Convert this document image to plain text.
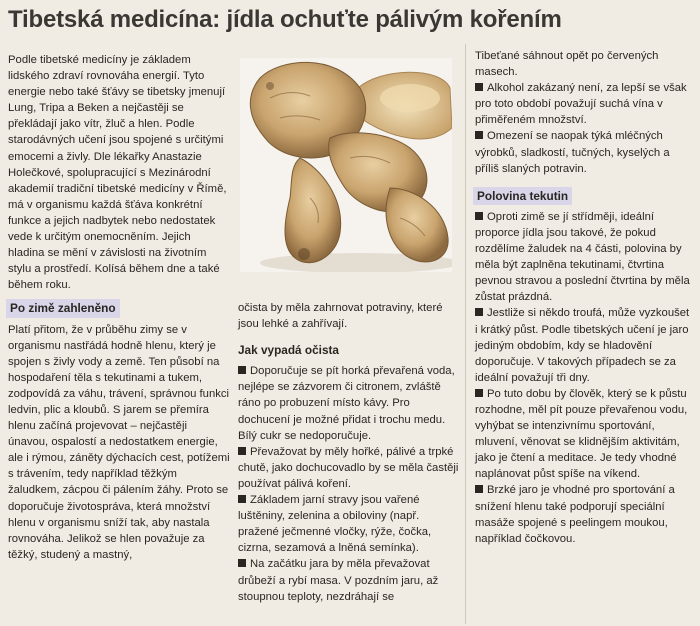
Tibetská medicína: jídla ochuťte pálivým kořením

Podle tibetské medicíny je základem lidského zdraví rovnováha energií. Tyto energie nebo také šťávy se tibetsky jmenují Lung, Tripa a Beken a nejčastěji se překládají jako vítr, žluč a hlen. Podle starodávných učení jsou spojené s určitými emocemi a živly. Dle lékařky Anastazie Holečkové, spolupracující s Mezinárodní akademií tradiční tibetské medicíny v Římě, má v organismu každá šťáva konkrétní funkce a jejich nadbytek nebo nedostatek vede k určitým onemocněním. Jejich hladina se mění v závislosti na životním stylu a prostředí. Kolísá během dne a také během roku.

Po zimě zahleněno

Platí přitom, že v průběhu zimy se v organismu nastřádá hodně hlenu, který je spojen s živly vody a země. Ten působí na hospodaření těla s tekutinami a tukem, zodpovídá za váhu, trávení, správnou funkci ledvin, plic a kloubů. S jarem se přemíra hlenu začíná projevovat – nejčastěji únavou, ospalostí a nedostatkem energie, ale i rýmou, záněty dýchacích cest, potížemi s trávením, tedy například těžkým žaludkem, zácpou či pálením žáhy. Proto se doporučuje životospráva, která množství hlenu v organismu sníží tak, aby nastala rovnováha. Jelikož se hlen považuje za těžký, studený a mastný,

očista by měla zahrnovat potraviny, které jsou lehké a zahřívají.

Jak vypadá očista

Doporučuje se pít horká převařená voda, nejlépe se zázvorem či citronem, zvláště ráno po probuzení místo kávy. Pro dochucení je možné přidat i trochu medu. Bílý cukr se nedoporučuje.

Převažovat by měly hořké, pálivé a trpké chutě, jako dochucovadlo by se měla častěji používat pálivá koření.

Základem jarní stravy jsou vařené luštěniny, zelenina a obiloviny (např. pražené ječmenné vločky, rýže, čočka, cizrna, sezamová a lněná semínka).

Na začátku jara by měla převažovat drůbeží a rybí masa. V pozdním jaru, až stoupnou teploty, nezdráhají se

Tibeťané sáhnout opět po červených masech.

Alkohol zakázaný není, za lepší se však pro toto období považují suchá vína v přiměřeném množství.

Omezení se naopak týká mléčných výrobků, sladkostí, tučných, kyselých a příliš slaných potravin.

Polovina tekutin

Oproti zimě se jí střídměji, ideální proporce jídla jsou takové, že pokud rozdělíme žaludek na 4 části, polovina by měla být zaplněna tekutinami, čtvrtina pevnou stravou a poslední čtvrtina by měla zůstat prázdná.

Jestliže si někdo troufá, může vyzkoušet i krátký půst. Podle tibetských učení je jaro jediným obdobím, kdy se hladovění doporučuje. V takových případech se za ideální považují tři dny.

Po tuto dobu by člověk, který se k půstu rozhodne, měl pít pouze převařenou vodu, vyhýbat se intenzivnímu sportování, mluvení, věnovat se klidnějším aktivitám, jako je čtení a meditace. Je tedy vhodné naplánovat půst spíše na víkend.

Brzké jaro je vhodné pro sportování a snížení hlenu také podporují speciální masáže spojené s peelingem moukou, například čočkovou.
